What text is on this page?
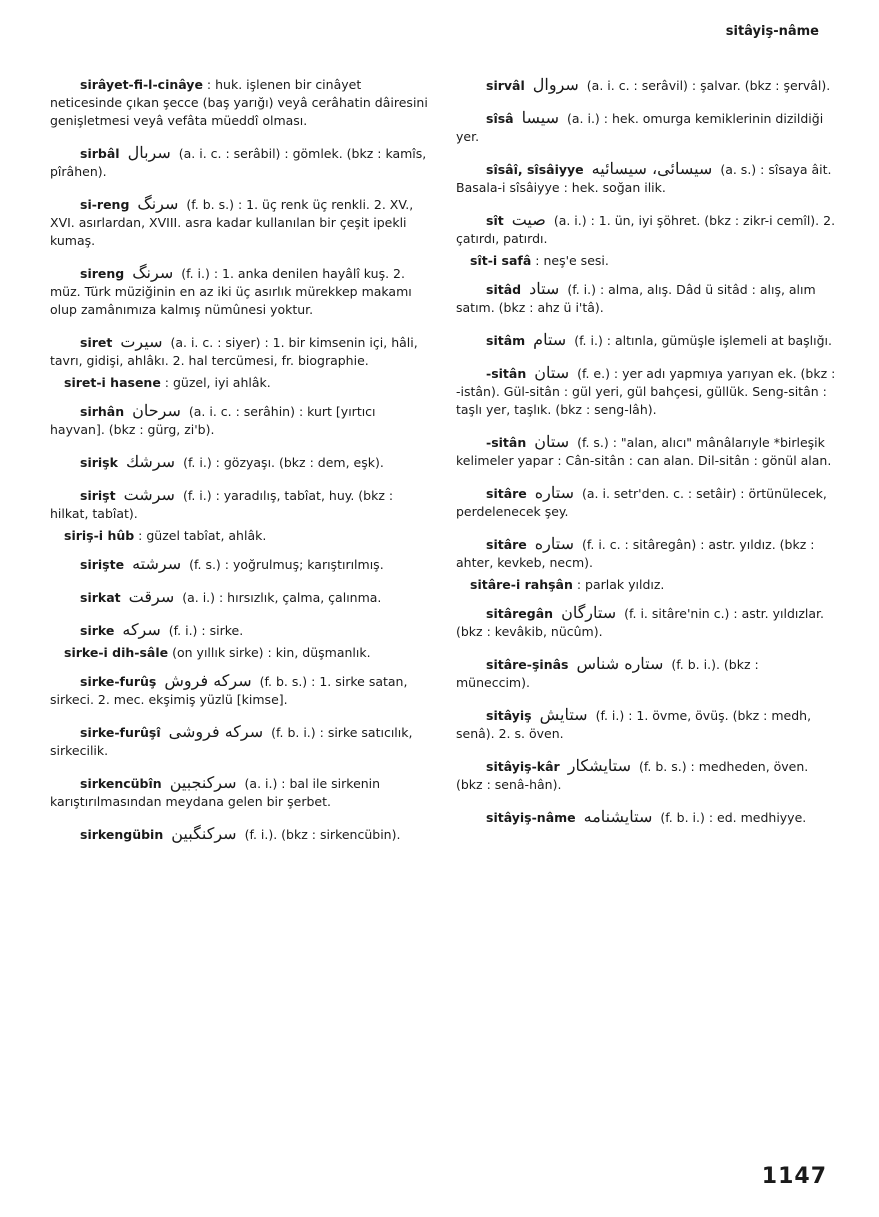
sitâyiş-nâme
sirâyet-fi-l-cinâye : huk. işlenen bir cinâyet neticesinde çıkan şecce (baş yarığı) veyâ cerâhatin dâiresini genişletmesi veyâ vefâta müeddî olması.
sirbâl سربال (a. i. c. : serâbil) : gömlek. (bkz : kamîs, pîrâhen).
si-reng سرنگ (f. b. s.) : 1. üç renk üç renkli. 2. XV., XVI. asırlardan, XVIII. asra kadar kullanılan bir çeşit ipekli kumaş.
sireng سرنگ (f. i.) : 1. anka denilen hayâlî kuş. 2. müz. Türk müziğinin en az iki üç asırlık mürekkep makamı olup zamânımıza kalmış nümûnesi yoktur.
siret سيرت (a. i. c. : siyer) : 1. bir kimsenin içi, hâli, tavrı, gidişi, ahlâkı. 2. hal tercümesi, fr. biographie.
siret-i hasene : güzel, iyi ahlâk.
sirhân سرحان (a. i. c. : serâhin) : kurt [yırtıcı hayvan]. (bkz : gürg, zi'b).
sirişk سرشك (f. i.) : gözyaşı. (bkz : dem, eşk).
sirişt سرشت (f. i.) : yaradılış, tabîat, huy. (bkz : hilkat, tabîat).
siriş-i hûb : güzel tabîat, ahlâk.
sirişte سرشته (f. s.) : yoğrulmuş; karıştırılmış.
sirkat سرقت (a. i.) : hırsızlık, çalma, çalınma.
sirke سركه (f. i.) : sirke.
sirke-i dih-sâle (on yıllık sirke) : kin, düşmanlık.
sirke-furûş سركه فروش (f. b. s.) : 1. sirke satan, sirkeci. 2. mec. ekşimiş yüzlü [kimse].
sirke-furûşî سركه فروشى (f. b. i.) : sirke satıcılık, sirkecilik.
sirkencübîn سركنجبين (a. i.) : bal ile sirkenin karıştırılmasından meydana gelen bir şerbet.
sirkengübin سركنگبين (f. i.). (bkz : sirkencübin).
sirvâl سروال (a. i. c. : serâvil) : şalvar. (bkz : şervâl).
sîsâ سيسا (a. i.) : hek. omurga kemiklerinin dizildiği yer.
sîsâî, sîsâiyye سيسائى، سيسائيه (a. s.) : sîsaya âit. Basala-i sîsâiyye : hek. soğan ilik.
sît صيت (a. i.) : 1. ün, iyi şöhret. (bkz : zikr-i cemîl). 2. çatırdı, patırdı.
sît-i safâ : neş'e sesi.
sitâd ستاد (f. i.) : alma, alış. Dâd ü sitâd : alış, alım satım. (bkz : ahz ü i'tâ).
sitâm ستام (f. i.) : altınla, gümüşle işlemeli at başlığı.
-sitân ستان (f. e.) : yer adı yapmıya yarıyan ek. (bkz : -istân). Gül-sitân : gül yeri, gül bahçesi, güllük. Seng-sitân : taşlı yer, taşlık. (bkz : seng-lâh).
-sitân ستان (f. s.) : "alan, alıcı" mânâlarıyle *birleşik kelimeler yapar : Cân-sitân : can alan. Dil-sitân : gönül alan.
sitâre ستاره (a. i. setr'den. c. : setâir) : örtünülecek, perdelenecek şey.
sitâre ستاره (f. i. c. : sitâregân) : astr. yıldız. (bkz : ahter, kevkeb, necm).
sitâre-i rahşân : parlak yıldız.
sitâregân ستارگان (f. i. sitâre'nin c.) : astr. yıldızlar. (bkz : kevâkib, nücûm).
sitâre-şinâs ستاره شناس (f. b. i.). (bkz : müneccim).
sitâyiş ستايش (f. i.) : 1. övme, övüş. (bkz : medh, senâ). 2. s. öven.
sitâyiş-kâr ستايشكار (f. b. s.) : medheden, öven. (bkz : senâ-hân).
sitâyiş-nâme ستايشنامه (f. b. i.) : ed. medhiyye.
1147
